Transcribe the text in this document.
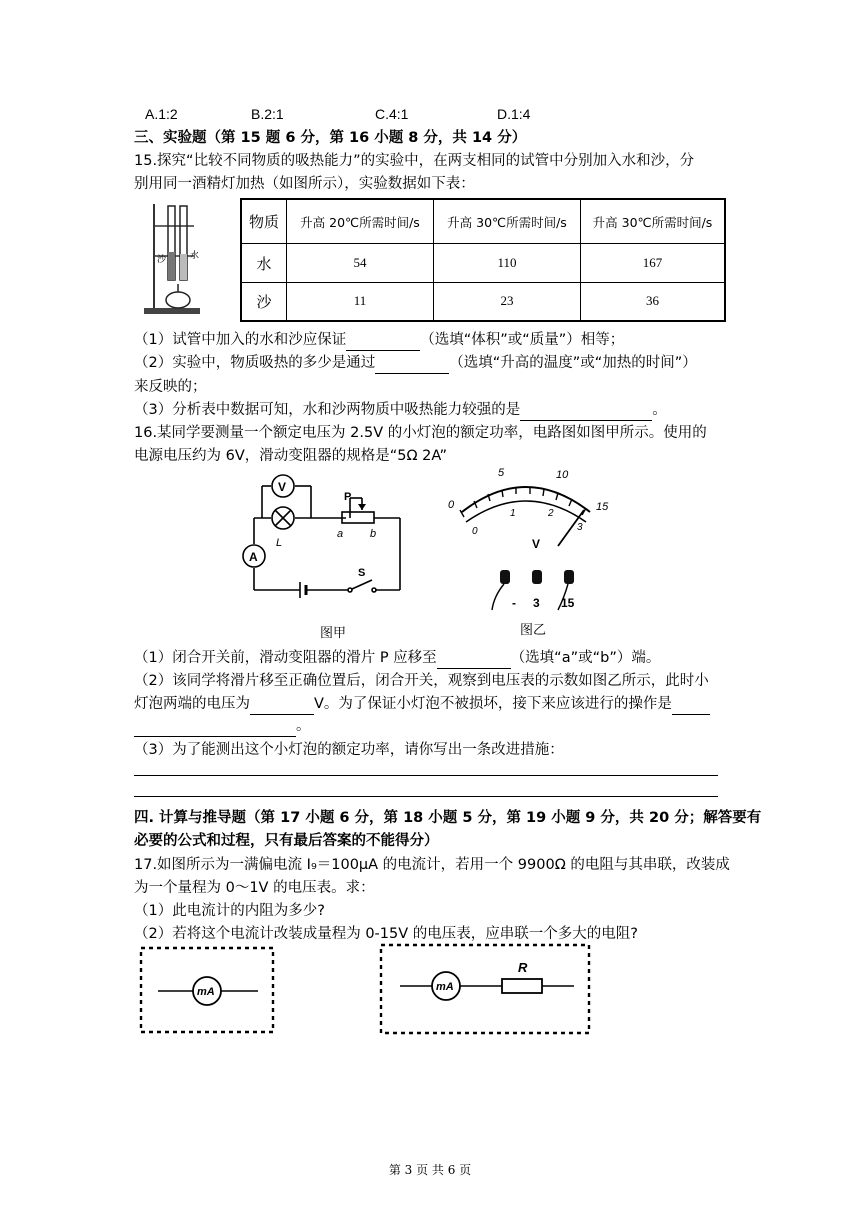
A.1:2	B.2:1	C.4:1	D.1:4
三、实验题（第 15 题 6 分，第 16 小题 8 分，共 14 分）
15.探究“比较不同物质的吸热能力”的实验中，在两支相同的试管中分别加入水和沙，分
别用同一酒精灯加热（如图所示），实验数据如下表：
沙	水
物质	升高 20℃所需时间/s	升高 30℃所需时间/s	升高 30℃所需时间/s
水	54	110	167
沙	11	23	36
（1）试管中加入的水和沙应保证	（选填“体积”或“质量”）相等；
（2）实验中，物质吸热的多少是通过	（选填“升高的温度”或“加热的时间”）
来反映的；
（3）分析表中数据可知，水和沙两物质中吸热能力较强的是	。
16.某同学要测量一个额定电压为 2.5V 的小灯泡的额定功率，电路图如图甲所示。使用的
电源电压约为 6V，滑动变阻器的规格是“5Ω 2A”
V
A
L
P
a b
S
图甲
0
5	10
15
0
1	2
3
V
- 3 15
图乙
（1）闭合开关前，滑动变阻器的滑片 P 应移至	（选填“a”或“b”）端。
（2）该同学将滑片移至正确位置后，闭合开关，观察到电压表的示数如图乙所示，此时小
灯泡两端的电压为	V。为了保证小灯泡不被损坏，接下来应该进行的操作是
。
（3）为了能测出这个小灯泡的额定功率，请你写出一条改进措施：
四. 计算与推导题（第 17 小题 6 分，第 18 小题 5 分，第 19 小题 9 分，共 20 分；解答要有
必要的公式和过程，只有最后答案的不能得分）
17.如图所示为一满偏电流 I₉＝100μA 的电流计，若用一个 9900Ω 的电阻与其串联，改装成
为一个量程为 0～1V 的电压表。求：
（1）此电流计的内阻为多少?
（2）若将这个电流计改装成量程为 0-15V 的电压表，应串联一个多大的电阻?
mA	mA
R
第 3 页 共 6 页
